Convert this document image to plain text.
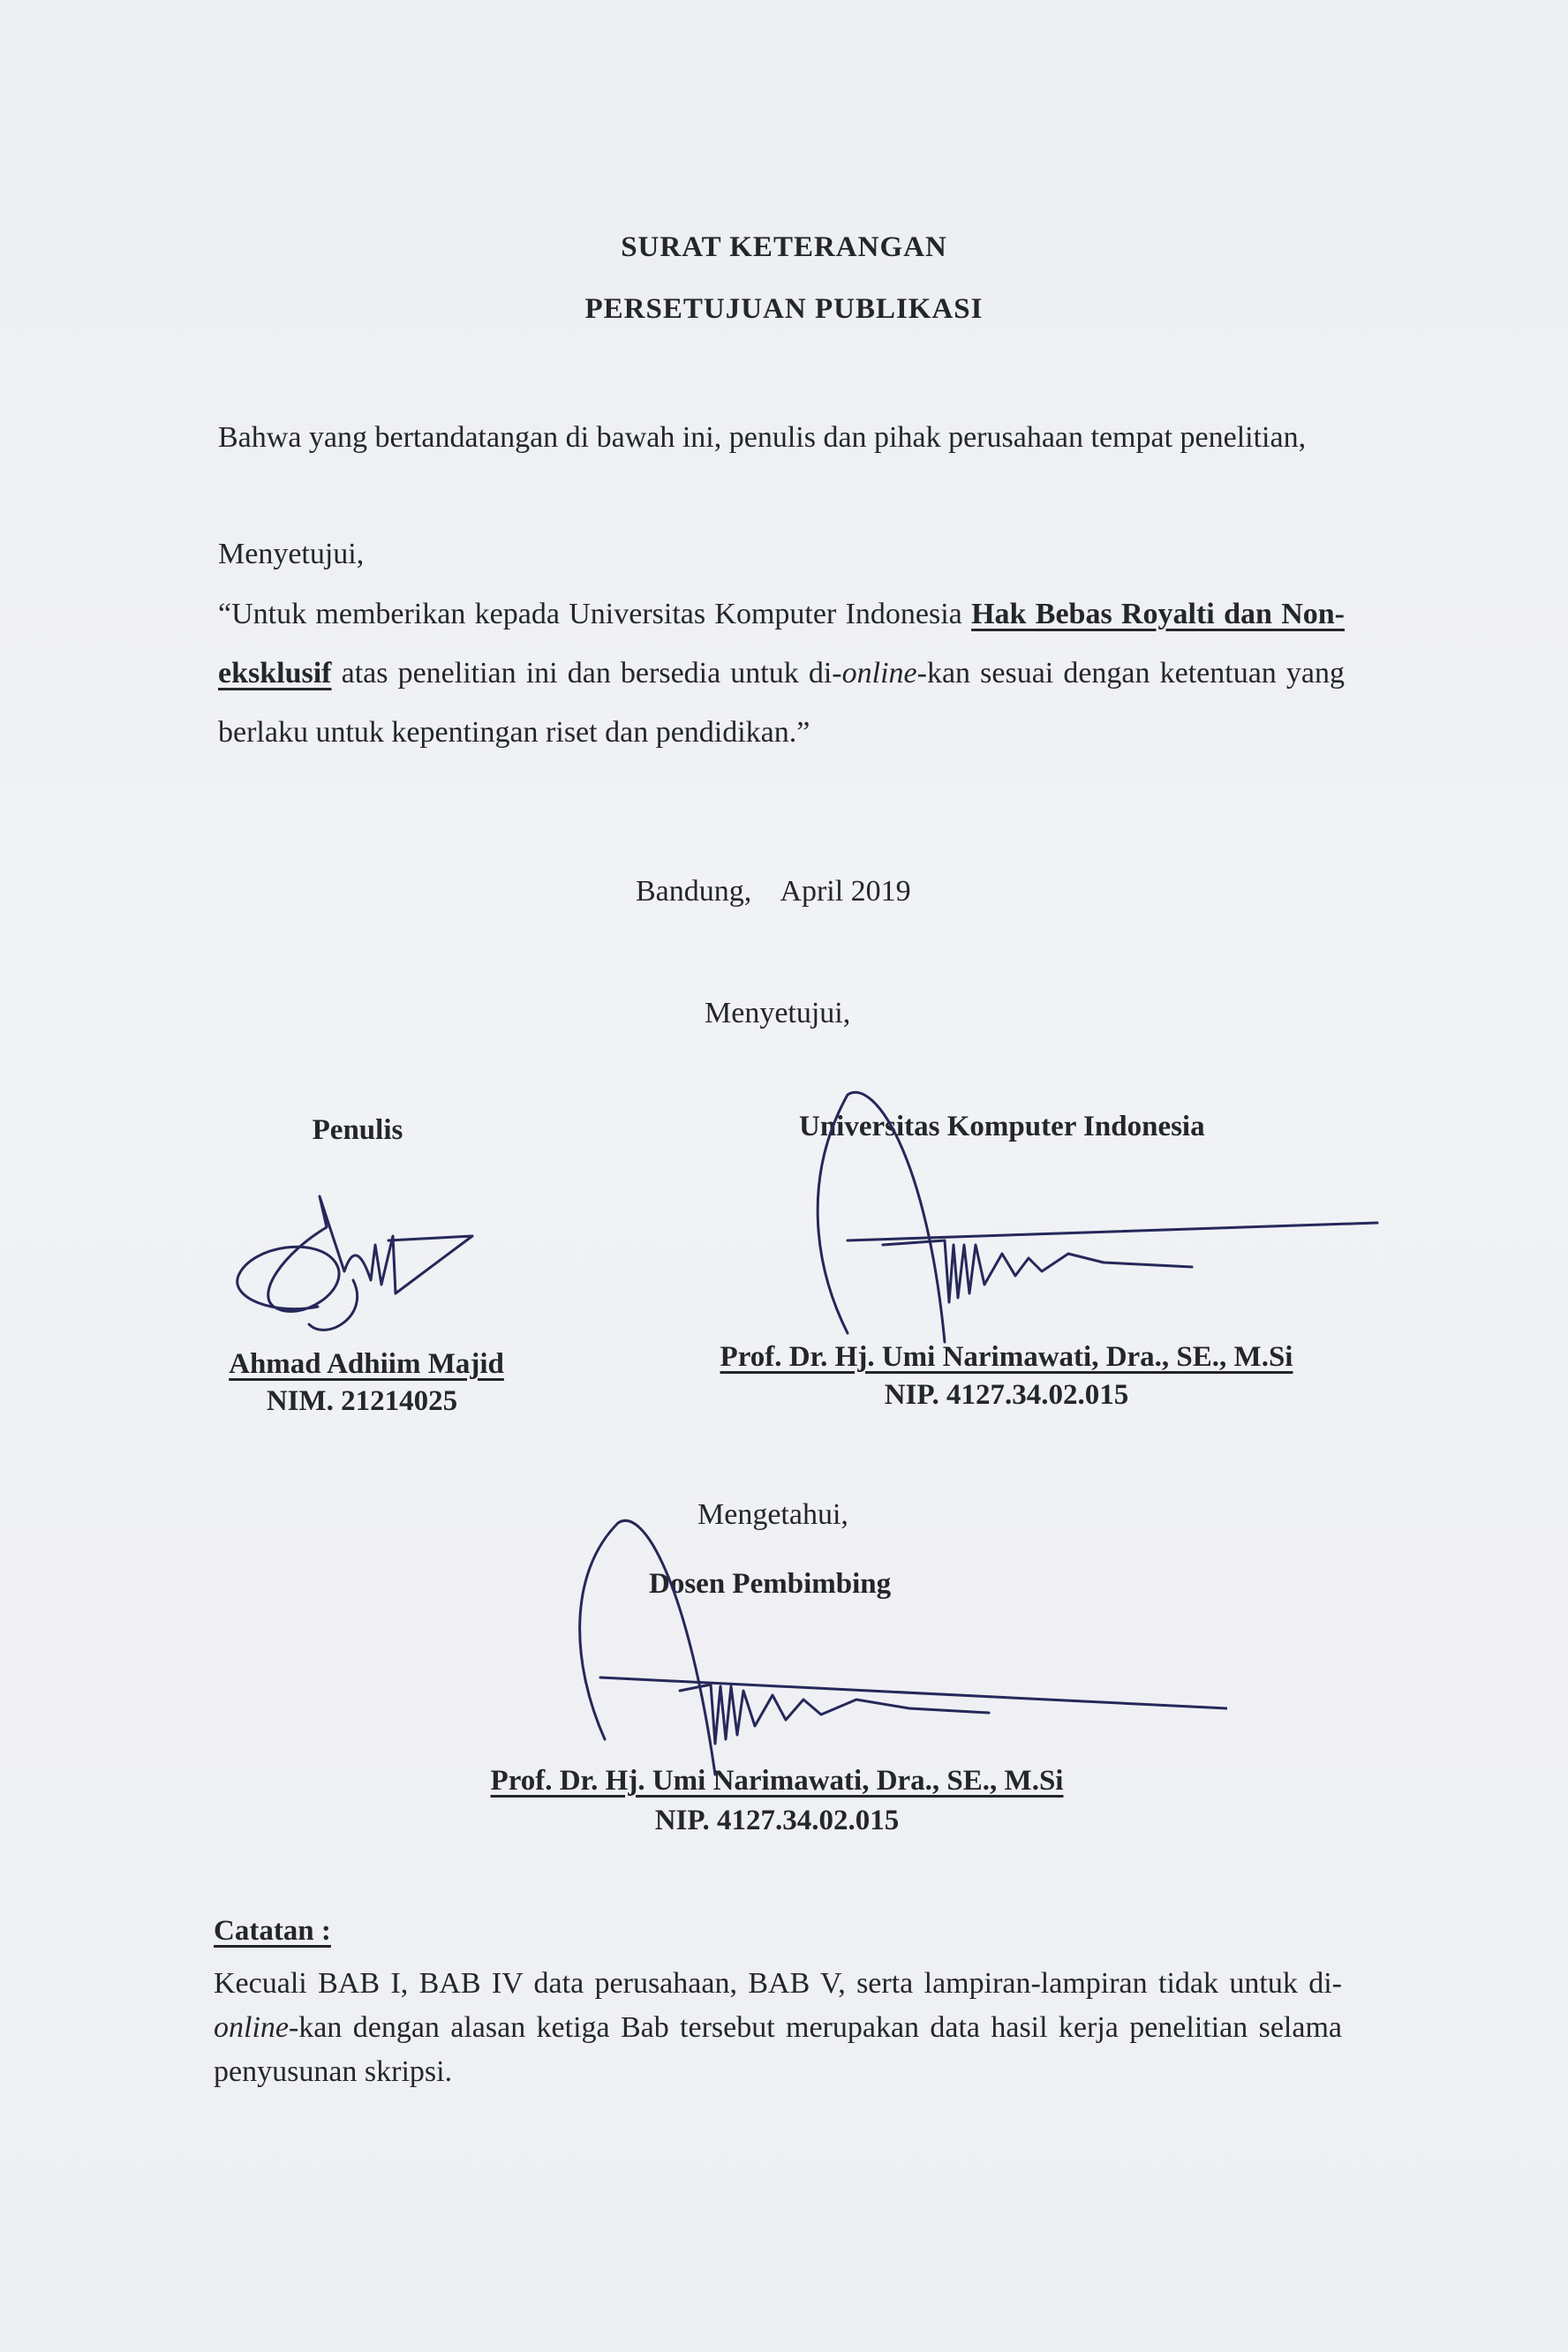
SURAT KETERANGAN
PERSETUJUAN PUBLIKASI
Bahwa yang bertandatangan di bawah ini, penulis dan pihak perusahaan tempat penelitian,
Menyetujui,
“Untuk memberikan kepada Universitas Komputer Indonesia Hak Bebas Royalti dan Non-eksklusif atas penelitian ini dan bersedia untuk di-online-kan sesuai dengan ketentuan yang berlaku untuk kepentingan riset dan pendidikan.”
Bandung,    April 2019
Menyetujui,
Penulis
Ahmad Adhiim Majid
NIM. 21214025
Universitas Komputer Indonesia
Prof. Dr. Hj. Umi Narimawati, Dra., SE., M.Si
NIP. 4127.34.02.015
Mengetahui,
Dosen Pembimbing
Prof. Dr. Hj. Umi Narimawati, Dra., SE., M.Si
NIP. 4127.34.02.015
Catatan :
Kecuali BAB I, BAB IV data perusahaan, BAB V, serta lampiran-lampiran tidak untuk di-online-kan dengan alasan ketiga Bab tersebut merupakan data hasil kerja penelitian selama penyusunan skripsi.
